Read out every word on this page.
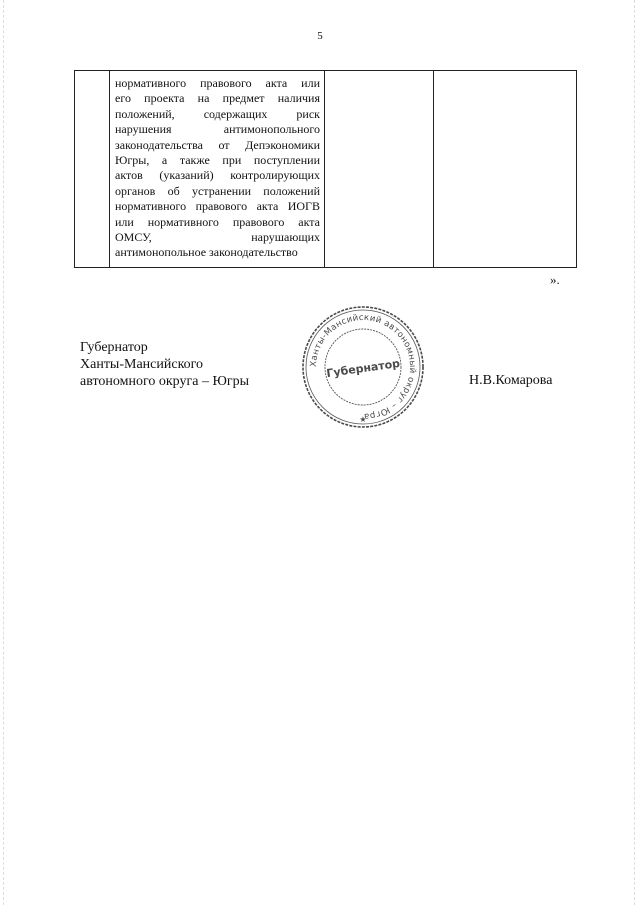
5

нормативного правового акта или
его проекта на предмет наличия
положений, содержащих риск
нарушения антимонопольного
законодательства от Депэкономики
Югры, а также при поступлении
актов (указаний) контролирующих
органов об устранении положений
нормативного правового акта ИОГВ
или нормативного правового акта
ОМСУ, нарушающих
антимонопольное законодательство

».
Губернатор
Ханты-Мансийского
автономного округа – Югры
Ханты-Мансийский автономный округ – Югра
Губернатор
★
Н.В.Комарова
